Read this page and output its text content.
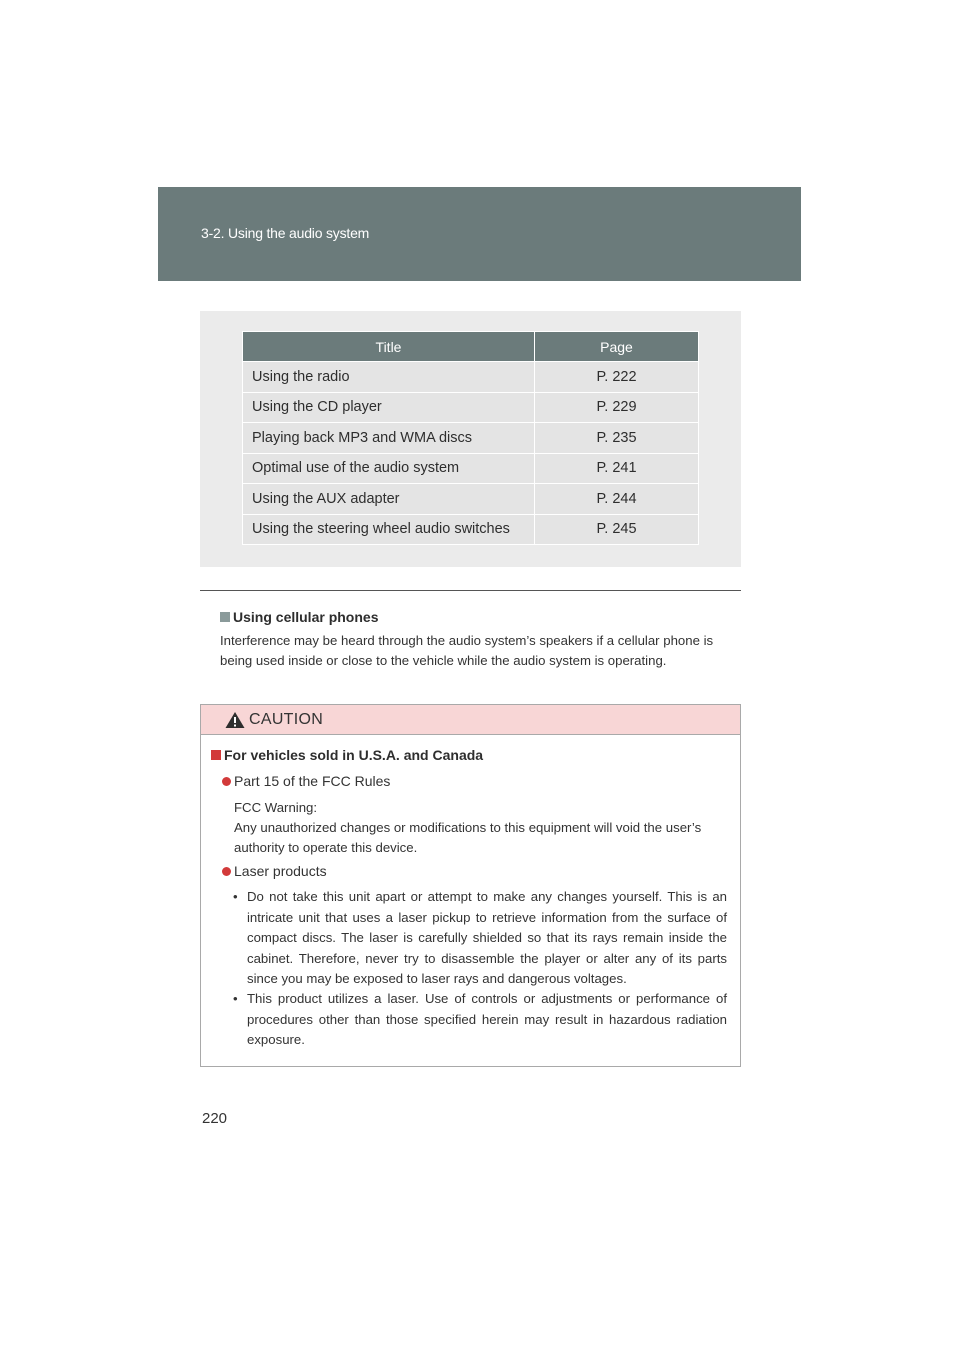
3-2. Using the audio system
Title	Page
Using the radio	P. 222
Using the CD player	P. 229
Playing back MP3 and WMA discs	P. 235
Optimal use of the audio system	P. 241
Using the AUX adapter	P. 244
Using the steering wheel audio switches	P. 245
Using cellular phones

Interference may be heard through the audio system’s speakers if a cellular phone is being used inside or close to the vehicle while the audio system is operating.

CAUTION
For vehicles sold in U.S.A. and Canada
Part 15 of the FCC Rules
FCC Warning:
Any unauthorized changes or modifications to this equipment will void the user’s authority to operate this device.
Laser products
• Do not take this unit apart or attempt to make any changes yourself. This is an intricate unit that uses a laser pickup to retrieve information from the surface of compact discs. The laser is carefully shielded so that its rays remain inside the cabinet. Therefore, never try to disassemble the player or alter any of its parts since you may be exposed to laser rays and dangerous voltages.
• This product utilizes a laser. Use of controls or adjustments or performance of procedures other than those specified herein may result in hazardous radiation exposure.
220
